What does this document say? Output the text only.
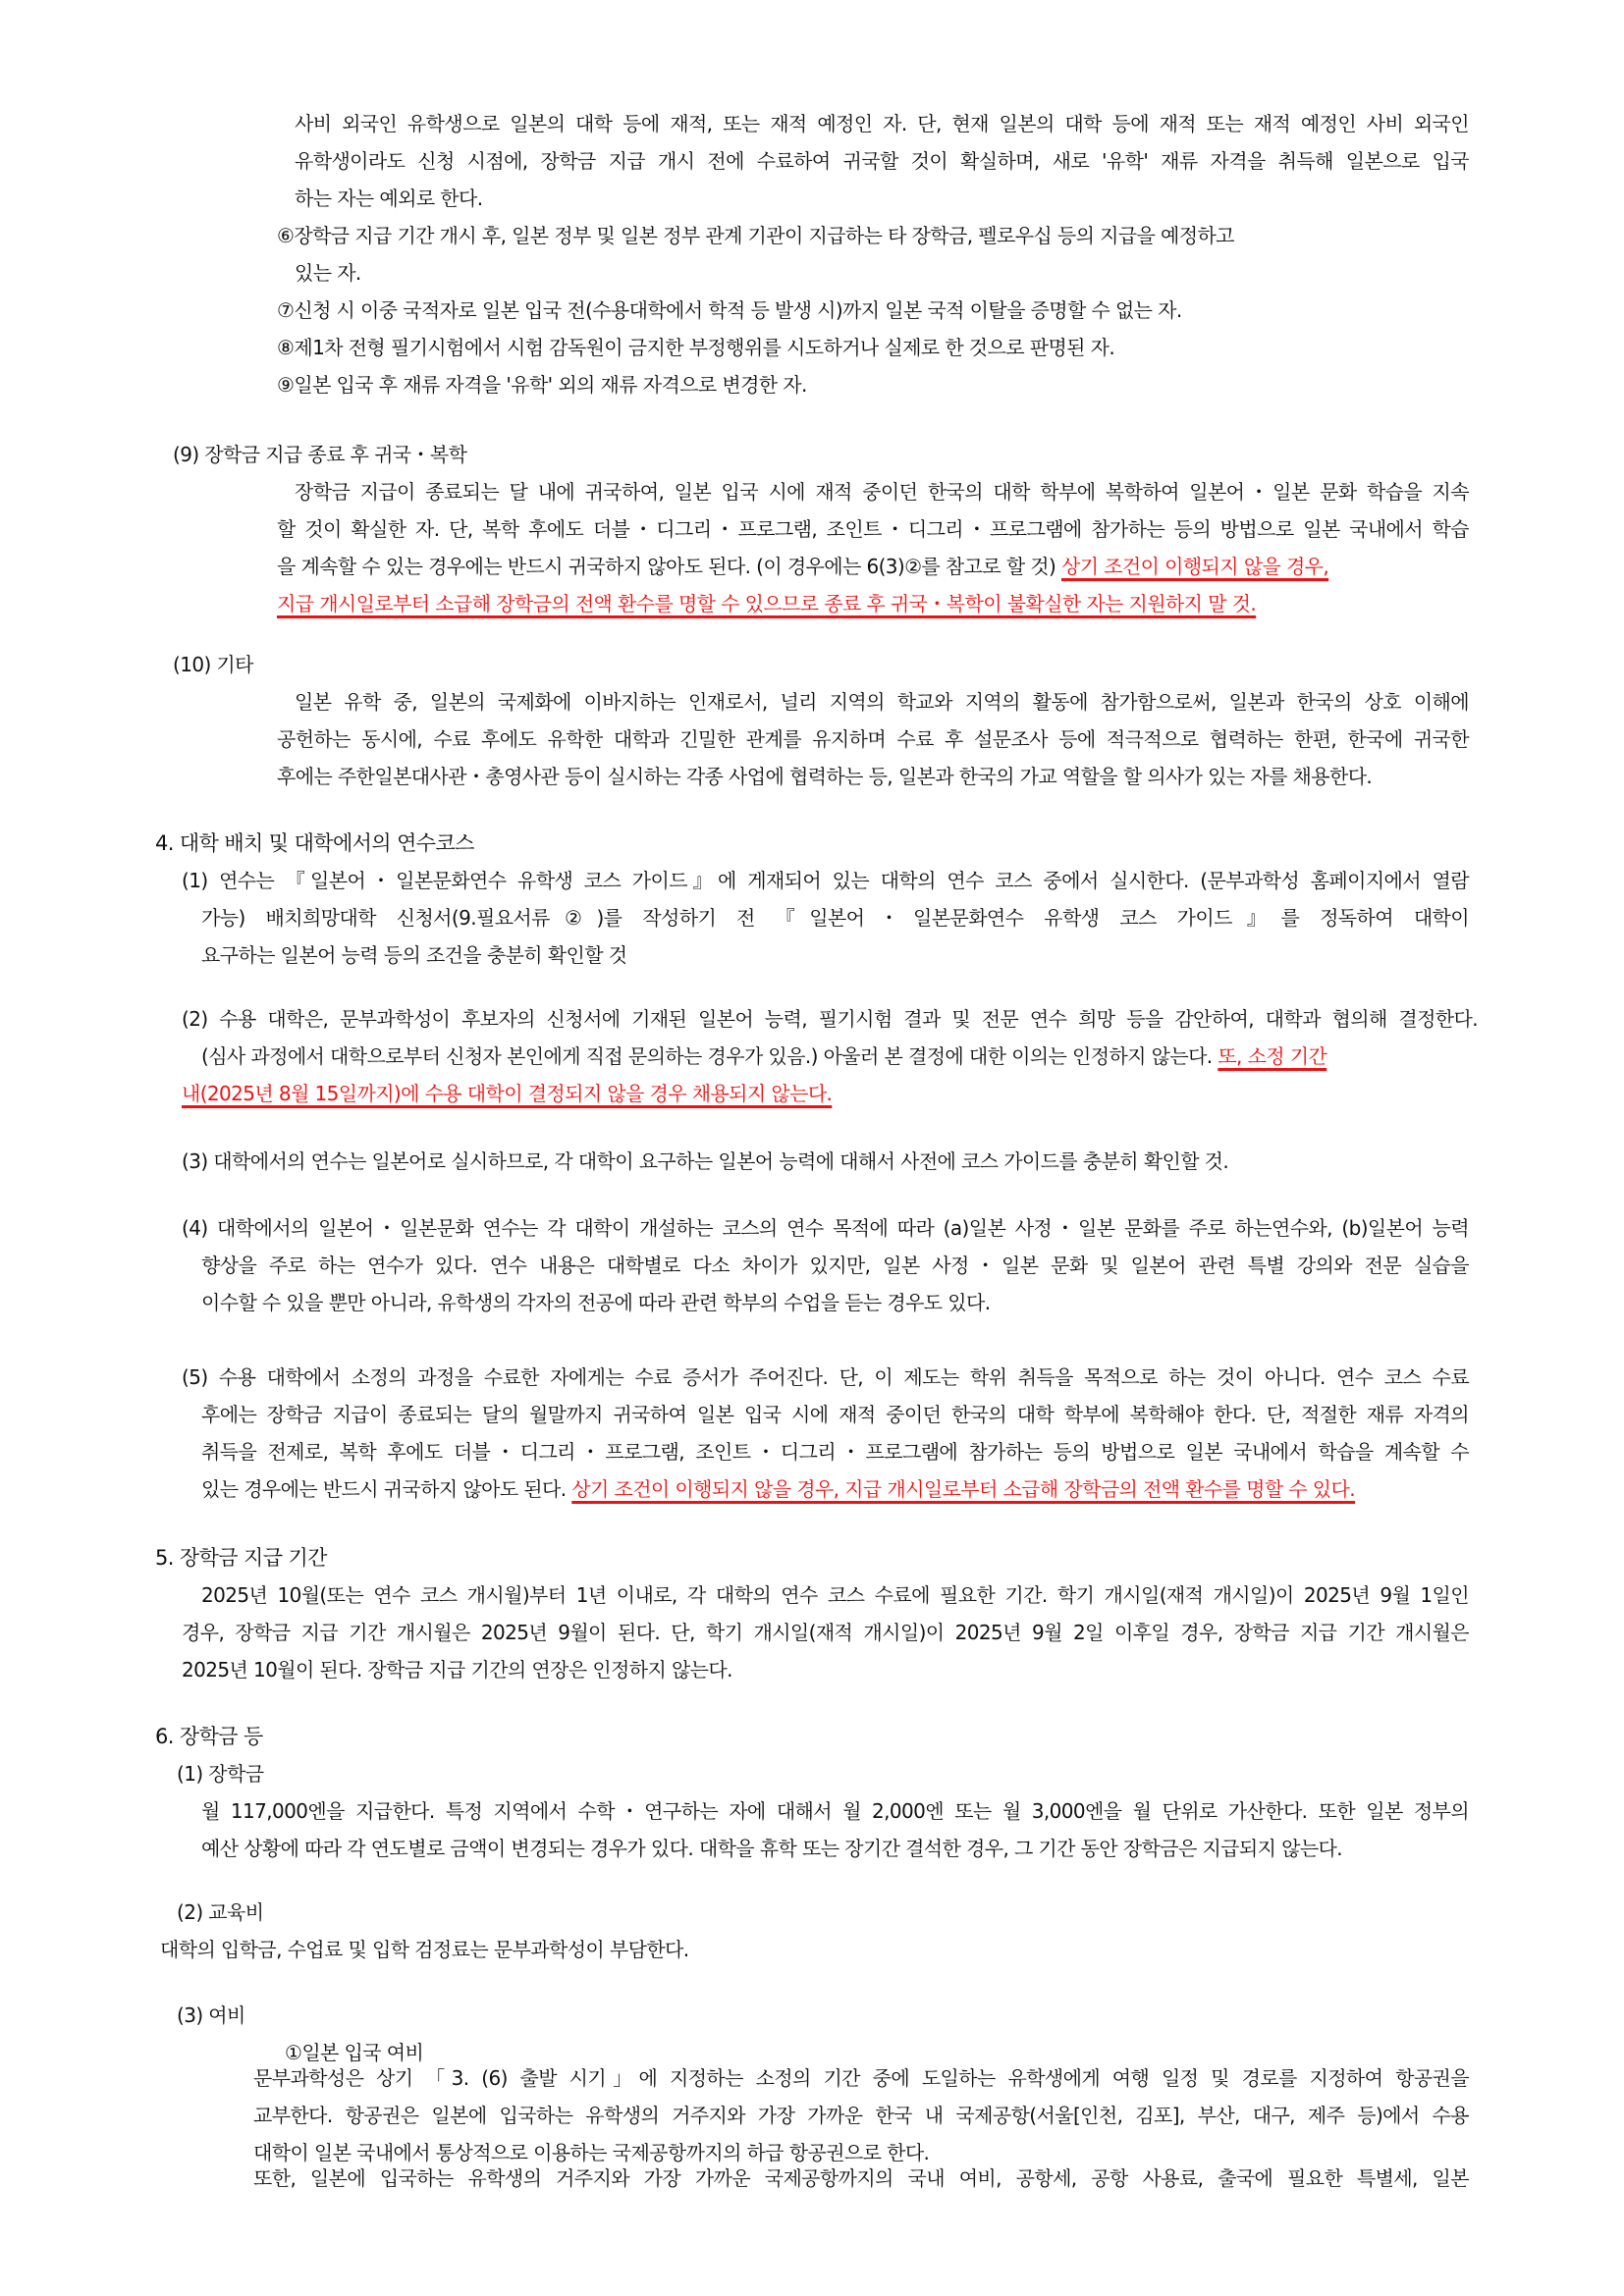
사비 외국인 유학생으로 일본의 대학 등에 재적, 또는 재적 예정인 자. 단, 현재 일본의 대학 등에 재적 또는 재적 예정인 사비 외국인
유학생이라도 신청 시점에, 장학금 지급 개시 전에 수료하여 귀국할 것이 확실하며, 새로 '유학' 재류 자격을 취득해 일본으로 입국
하는 자는 예외로 한다.
⑥장학금 지급 기간 개시 후, 일본 정부 및 일본 정부 관계 기관이 지급하는 타 장학금, 펠로우십 등의 지급을 예정하고
있는 자.
⑦신청 시 이중 국적자로 일본 입국 전(수용대학에서 학적 등 발생 시)까지 일본 국적 이탈을 증명할 수 없는 자.
⑧제1차 전형 필기시험에서 시험 감독원이 금지한 부정행위를 시도하거나 실제로 한 것으로 판명된 자.
⑨일본 입국 후 재류 자격을 '유학' 외의 재류 자격으로 변경한 자.
(9) 장학금 지급 종료 후 귀국・복학
장학금 지급이 종료되는 달 내에 귀국하여, 일본 입국 시에 재적 중이던 한국의 대학 학부에 복학하여 일본어・일본 문화 학습을 지속
할 것이 확실한 자. 단, 복학 후에도 더블・디그리・프로그램, 조인트・디그리・프로그램에 참가하는 등의 방법으로 일본 국내에서 학습
을 계속할 수 있는 경우에는 반드시 귀국하지 않아도 된다. (이 경우에는 6(3)②를 참고로 할 것) 상기 조건이 이행되지 않을 경우,
지급 개시일로부터 소급해 장학금의 전액 환수를 명할 수 있으므로 종료 후 귀국・복학이 불확실한 자는 지원하지 말 것.
(10) 기타
일본 유학 중, 일본의 국제화에 이바지하는 인재로서, 널리 지역의 학교와 지역의 활동에 참가함으로써, 일본과 한국의 상호 이해에
공헌하는 동시에, 수료 후에도 유학한 대학과 긴밀한 관계를 유지하며 수료 후 설문조사 등에 적극적으로 협력하는 한편, 한국에 귀국한
후에는 주한일본대사관・총영사관 등이 실시하는 각종 사업에 협력하는 등, 일본과 한국의 가교 역할을 할 의사가 있는 자를 채용한다.
4. 대학 배치 및 대학에서의 연수코스
(1) 연수는 『일본어・일본문화연수 유학생 코스 가이드』에 게재되어 있는 대학의 연수 코스 중에서 실시한다. (문부과학성 홈페이지에서 열람
가능) 배치희망대학 신청서(9.필요서류②)를 작성하기 전 『일본어・일본문화연수 유학생 코스 가이드』를 정독하여 대학이
요구하는 일본어 능력 등의 조건을 충분히 확인할 것
(2) 수용 대학은, 문부과학성이 후보자의 신청서에 기재된 일본어 능력, 필기시험 결과 및 전문 연수 희망 등을 감안하여, 대학과 협의해 결정한다.
(심사 과정에서 대학으로부터 신청자 본인에게 직접 문의하는 경우가 있음.) 아울러 본 결정에 대한 이의는 인정하지 않는다. 또, 소정 기간
내(2025년 8월 15일까지)에 수용 대학이 결정되지 않을 경우 채용되지 않는다.
(3) 대학에서의 연수는 일본어로 실시하므로, 각 대학이 요구하는 일본어 능력에 대해서 사전에 코스 가이드를 충분히 확인할 것.
(4) 대학에서의 일본어・일본문화 연수는 각 대학이 개설하는 코스의 연수 목적에 따라 (a)일본 사정・일본 문화를 주로 하는연수와, (b)일본어 능력
향상을 주로 하는 연수가 있다. 연수 내용은 대학별로 다소 차이가 있지만, 일본 사정・일본 문화 및 일본어 관련 특별 강의와 전문 실습을
이수할 수 있을 뿐만 아니라, 유학생의 각자의 전공에 따라 관련 학부의 수업을 듣는 경우도 있다.
(5) 수용 대학에서 소정의 과정을 수료한 자에게는 수료 증서가 주어진다. 단, 이 제도는 학위 취득을 목적으로 하는 것이 아니다. 연수 코스 수료
후에는 장학금 지급이 종료되는 달의 월말까지 귀국하여 일본 입국 시에 재적 중이던 한국의 대학 학부에 복학해야 한다. 단, 적절한 재류 자격의
취득을 전제로, 복학 후에도 더블・디그리・프로그램, 조인트・디그리・프로그램에 참가하는 등의 방법으로 일본 국내에서 학습을 계속할 수
있는 경우에는 반드시 귀국하지 않아도 된다. 상기 조건이 이행되지 않을 경우, 지급 개시일로부터 소급해 장학금의 전액 환수를 명할 수 있다.
5. 장학금 지급 기간
2025년 10월(또는 연수 코스 개시월)부터 1년 이내로, 각 대학의 연수 코스 수료에 필요한 기간. 학기 개시일(재적 개시일)이 2025년 9월 1일인
경우, 장학금 지급 기간 개시월은 2025년 9월이 된다. 단, 학기 개시일(재적 개시일)이 2025년 9월 2일 이후일 경우, 장학금 지급 기간 개시월은
2025년 10월이 된다. 장학금 지급 기간의 연장은 인정하지 않는다.
6. 장학금 등
(1) 장학금
월 117,000엔을 지급한다. 특정 지역에서 수학・연구하는 자에 대해서 월 2,000엔 또는 월 3,000엔을 월 단위로 가산한다. 또한 일본 정부의
예산 상황에 따라 각 연도별로 금액이 변경되는 경우가 있다. 대학을 휴학 또는 장기간 결석한 경우, 그 기간 동안 장학금은 지급되지 않는다.
(2) 교육비
대학의 입학금, 수업료 및 입학 검정료는 문부과학성이 부담한다.
(3) 여비
①일본 입국 여비
문부과학성은 상기 「3. (6) 출발 시기」에 지정하는 소정의 기간 중에 도일하는 유학생에게 여행 일정 및 경로를 지정하여 항공권을
교부한다. 항공권은 일본에 입국하는 유학생의 거주지와 가장 가까운 한국 내 국제공항(서울[인천, 김포], 부산, 대구, 제주 등)에서 수용
대학이 일본 국내에서 통상적으로 이용하는 국제공항까지의 하급 항공권으로 한다.
또한, 일본에 입국하는 유학생의 거주지와 가장 가까운 국제공항까지의 국내 여비, 공항세, 공항 사용료, 출국에 필요한 특별세, 일본
